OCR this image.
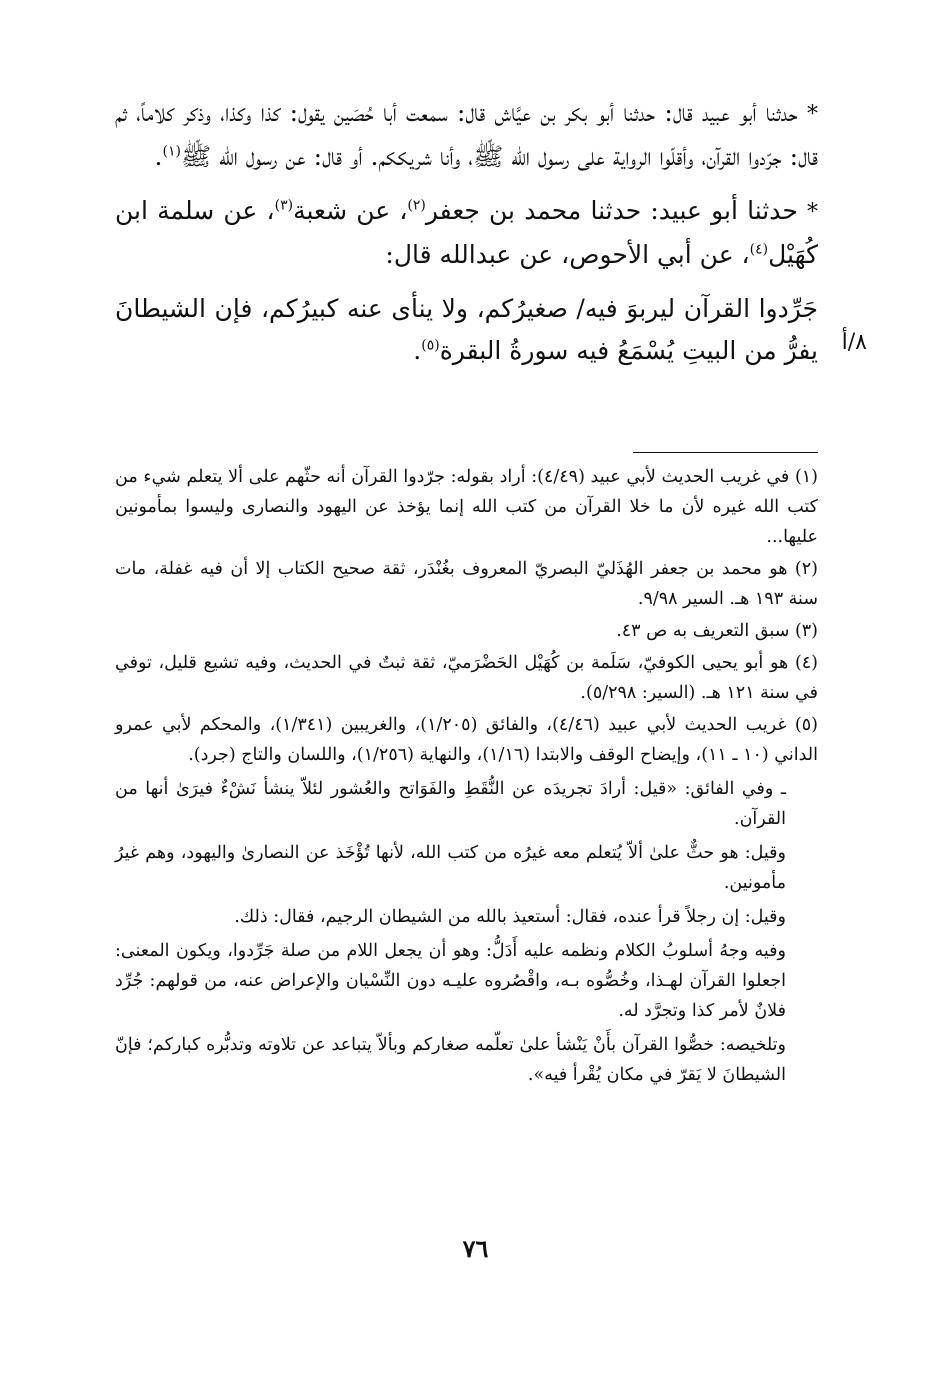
* حدثنا أبو عبيد قال: حدثنا أبو بكر بن عيَّاش قال: سمعت أبا حُصَين يقول: كذا وكذا، وذكر كلاماً، ثم قال: جرّدوا القرآن، وأقلّوا الرواية على رسول الله ﷺ، وأنا شريككم. أو قال: عن رسول الله ﷺ$^{(١)}$.

* حدثنا أبو عبيد: حدثنا محمد بن جعفر$^{(٢)}$، عن شعبة$^{(٣)}$، عن سلمة ابن كُهَيْل$^{(٤)}$، عن أبي الأحوص، عن عبدالله قال:

جَرِّدوا القرآن ليربوَ فيه/ صغيرُكم، ولا ينأى عنه كبيرُكم، فإن الشيطانَ يفرُّ من البيتِ يُسْمَعُ فيه سورةُ البقرة$^{(٥)}$.	٨/أ
(١) في غريب الحديث لأبي عبيد (٤/٤٩): أراد بقوله: جرّدوا القرآن أنه حثّهم على ألا يتعلم شيء من كتب الله غيره لأن ما خلا القرآن من كتب الله إنما يؤخذ عن اليهود والنصارى وليسوا بمأمونين عليها...
(٢) هو محمد بن جعفر الهُذَليّ البصريّ المعروف بغُنْدَر، ثقة صحيح الكتاب إلا أن فيه غفلة، مات سنة ١٩٣ هـ. السير ٩/٩٨.
(٣) سبق التعريف به ص ٤٣.
(٤) هو أبو يحيى الكوفيّ، سَلَمة بن كُهَيْل الحَضْرَميّ، ثقة ثبتٌ في الحديث، وفيه تشيع قليل، توفي في سنة ١٢١ هـ. (السير: ٥/٢٩٨).
(٥) غريب الحديث لأبي عبيد (٤/٤٦)، والفائق (١/٢٠٥)، والغريبين (١/٣٤١)، والمحكم لأبي عمرو الداني (١٠ ـ ١١)، وإيضاح الوقف والابتدا (١/١٦)، والنهاية (١/٢٥٦)، واللسان والتاج (جرد).
ـ وفي الفائق: «قيل: أرادَ تجريدَه عن النُّقَطِ والفَوَاتح والعُشور لئلاّ ينشأ نَشْءٌ فيرَىٰ أنها من القرآن.
وقيل: هو حثٌّ علىٰ ألاّ يُتعلم معه غيرُه من كتب الله، لأنها تُؤْخَذ عن النصارىٰ واليهود، وهم غيرُ مأمونين.
وقيل: إن رجلاً قرأ عنده، فقال: أستعيذ بالله من الشيطان الرجيم، فقال: ذلك.
وفيه وجهُ أسلوبُ الكلام ونظمه عليه أَدَلُّ: وهو أن يجعل اللام من صلة جَرِّدوا، ويكون المعنى: اجعلوا القرآن لهـذا، وخُصُّوه بـه، واقْصُروه عليـه دون النِّسْيان والإعراض عنه، من قولهم: جُرِّد فلانٌ لأمر كذا وتجرَّد له.
وتلخيصه: خصُّوا القرآن بأَنْ يَنْشأ علىٰ تعلّمه صغاركم وبألاّ يتباعد عن تلاوته وتدبُّره كباركم؛ فإنّ الشيطانَ لا يَقرّ في مكان يُقْرأ فيه».
٧٦
